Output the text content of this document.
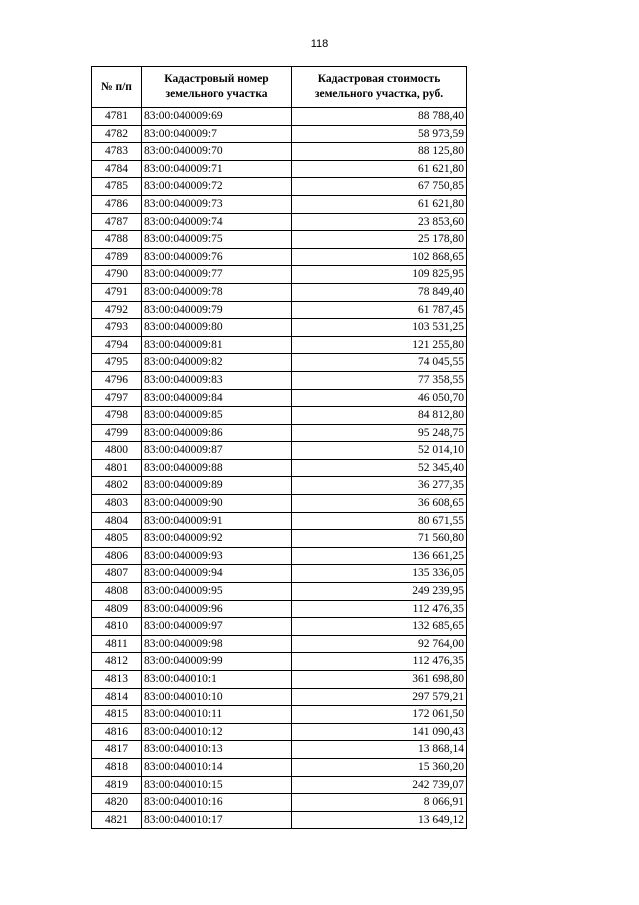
118
№ п/п	Кадастровый номер земельного участка	Кадастровая стоимость земельного участка, руб.
4781	83:00:040009:69	88 788,40
4782	83:00:040009:7	58 973,59
4783	83:00:040009:70	88 125,80
4784	83:00:040009:71	61 621,80
4785	83:00:040009:72	67 750,85
4786	83:00:040009:73	61 621,80
4787	83:00:040009:74	23 853,60
4788	83:00:040009:75	25 178,80
4789	83:00:040009:76	102 868,65
4790	83:00:040009:77	109 825,95
4791	83:00:040009:78	78 849,40
4792	83:00:040009:79	61 787,45
4793	83:00:040009:80	103 531,25
4794	83:00:040009:81	121 255,80
4795	83:00:040009:82	74 045,55
4796	83:00:040009:83	77 358,55
4797	83:00:040009:84	46 050,70
4798	83:00:040009:85	84 812,80
4799	83:00:040009:86	95 248,75
4800	83:00:040009:87	52 014,10
4801	83:00:040009:88	52 345,40
4802	83:00:040009:89	36 277,35
4803	83:00:040009:90	36 608,65
4804	83:00:040009:91	80 671,55
4805	83:00:040009:92	71 560,80
4806	83:00:040009:93	136 661,25
4807	83:00:040009:94	135 336,05
4808	83:00:040009:95	249 239,95
4809	83:00:040009:96	112 476,35
4810	83:00:040009:97	132 685,65
4811	83:00:040009:98	92 764,00
4812	83:00:040009:99	112 476,35
4813	83:00:040010:1	361 698,80
4814	83:00:040010:10	297 579,21
4815	83:00:040010:11	172 061,50
4816	83:00:040010:12	141 090,43
4817	83:00:040010:13	13 868,14
4818	83:00:040010:14	15 360,20
4819	83:00:040010:15	242 739,07
4820	83:00:040010:16	8 066,91
4821	83:00:040010:17	13 649,12
